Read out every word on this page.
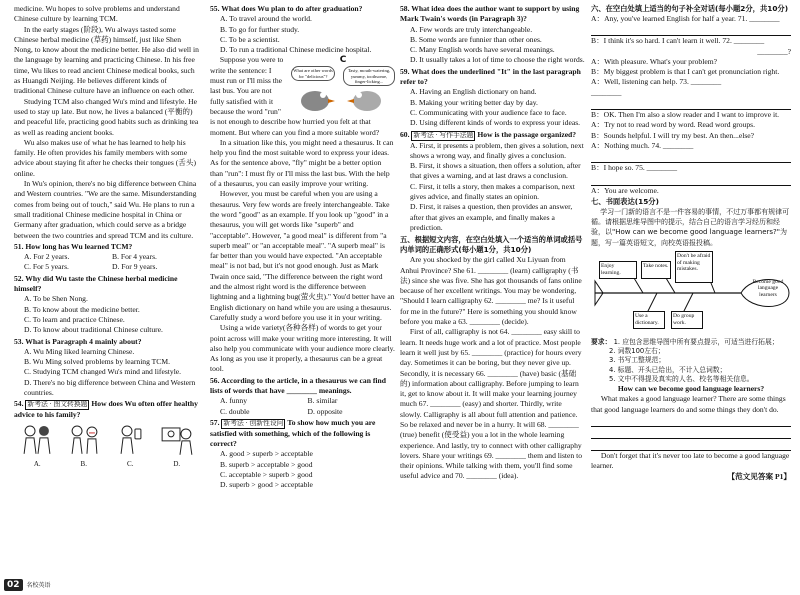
medicine. Wu hopes to solve problems and understand Chinese culture by learning TCM.

In the early stages (阶段), Wu always tasted some Chinese herbal medicine (草药) himself, just like Shen Nong, to know about the medicine better. He also did well in the language by learning and practicing Chinese. In his free time, Wu likes to read ancient Chinese medical books, such as Huangdi Neijing. He believes different kinds of traditional Chinese culture have an influence on each other.

Studying TCM also changed Wu's mind and lifestyle. He used to stay up late. But now, he lives a balanced (平衡的) and peaceful life, practicing good habits such as drinking tea as well as reading ancient books.

Wu also makes use of what he has learned to help his family. He often provides his family members with some advice about staying fit after he checks their tongues (舌头) online.

In Wu's opinion, there's no big difference between China and Western countries. "We are the same. Misunderstanding comes from being out of touch," said Wu. He plans to run a small traditional Chinese medicine hospital in China or Germany after graduation, which could serve as a bridge between the two countries and spread TCM and its culture.

51. How long has Wu learned TCM?

A. For 2 years.	B. For 4 years.
C. For 5 years.	D. For 9 years.

52. Why did Wu taste the Chinese herbal medicine himself?

A. To be Shen Nong.

B. To know about the medicine better.

C. To learn and practice Chinese.

D. To know about traditional Chinese culture.

53. What is Paragraph 4 mainly about?

A. Wu Ming liked learning Chinese.

B. Wu Ming solved problems by learning TCM.

C. Studying TCM changed Wu's mind and lifestyle.

D. There's no big difference between China and Western countries.

54. 新考法 · 图文转换题 How does Wu often offer healthy advice to his family?

A.	B.	C.	D.
02 名校英语

55. What does Wu plan to do after graduation?

A. To travel around the world.

B. To go for further study.

C. To be a scientist.

D. To run a traditional Chinese medicine hospital.

C
What are other words for "delicious"?
Tasty, mouth-watering, yummy, toothsome, finger-licking...

Suppose you were to write the sentence: I must run or I'll miss the last bus. You are not fully satisfied with it because the word "run" is not enough to describe how hurried you felt at that moment. But where can you find a more suitable word?

In a situation like this, you might need a thesaurus. It can help you find the most suitable word to express your ideas. As for the sentence above, "fly" might be a better option than "run": I must fly or I'll miss the last bus. With the help of a thesaurus, you can easily improve your writing.

However, you must be careful when you are using a thesaurus. Very few words are freely interchangeable. Take the word "good" as an example. If you look up "good" in a thesaurus, you will get words like "superb" and "acceptable". However, "a good meal" is different from "a superb meal" or "an acceptable meal". "A superb meal" is far better than you would have expected. "An acceptable meal" is not bad, but it's not good enough. Just as Mark Twain once said, "The difference between the right word and the almost right word is the difference between lightning and a lightning bug(萤火虫)." You'd better have an English dictionary on hand while you are using a thesaurus. Carefully study a word before you use it in your writing.

Using a wide variety(各种各样) of words to get your point across will make your writing more interesting. It will also help you communicate with your audience more clearly. As long as you use it properly, a thesaurus can be a great tool.

56. According to the article, in a thesaurus we can find lists of words that have ________ meanings.

A. funny	B. similar
C. double	D. opposite

57. 新考法 · 创新性设问 To show how much you are satisfied with something, which of the following is correct?

A. good > superb > acceptable

B. superb > acceptable > good

C. acceptable > superb > good

D. superb > good > acceptable

58. What idea does the author want to support by using Mark Twain's words (in Paragraph 3)?

A. Few words are truly interchangeable.

B. Some words are funnier than other ones.

C. Many English words have several meanings.

D. It usually takes a lot of time to choose the right words.

59. What does the underlined "It" in the last paragraph refer to?

A. Having an English dictionary on hand.

B. Making your writing better day by day.

C. Communicating with your audience face to face.

D. Using different kinds of words to express your ideas.

60. 新考法 · 写作手法题 How is the passage organized?

A. First, it presents a problem, then gives a solution, next shows a wrong way, and finally gives a conclusion.

B. First, it shows a situation, then offers a solution, after that gives a warning, and at last draws a conclusion.

C. First, it tells a story, then makes a comparison, next gives advice, and finally states an opinion.

D. First, it raises a question, then provides an answer, after that gives an example, and finally makes a prediction.

五、根据短文内容，在空白处填入一个适当的单词或括号内单词的正确形式(每小题1分，共10分)

Are you shocked by the girl called Xu Liyuan from Anhui Province? She 61. ________ (learn) calligraphy (书法) since she was five. She has got thousands of fans online because of her excellent writings. You may be wondering, "Should I learn calligraphy 62. ________ me? Is it useful for me in the future?" Here is something you should know before you make a 63. ________ (decide).

First of all, calligraphy is not 64. ________ easy skill to learn. It needs huge work and a lot of practice. Most people learn it well just by 65. ________ (practice) for hours every day. Sometimes it can be boring, but they never give up. Secondly, it is necessary 66. ________ (have) basic (基础的) information about calligraphy. Before jumping to learn it, get to know about it. It will make your learning journey much 67. ________ (easy) and shorter. Thirdly, write slowly. Calligraphy is all about full attention and patience. So be relaxed and never be in a hurry. It will 68. ________ (true) benefit (使受益) you a lot in the whole learning experience. And lastly, try to connect with other calligraphy lovers. Share your writings 69. ________ them and listen to their opinions. While talking with them, you'll find some useful advice and 70. ________ (idea).

六、在空白处填上适当的句子补全对话(每小题2分，共10分)

A：Any, you've learned English for half a year. 71. ________

B：I think it's so hard. I can't learn it well. 72. ________

________?

A：With pleasure. What's your problem?

B：My biggest problem is that I can't get pronunciation right.

A：Well, listening can help. 73. ________

________

B：OK. Then I'm also a slow reader and I want to improve it.

A：Try not to read word by word. Read word groups.

B：Sounds helpful. I will try my best. An then...else?

A：Nothing much. 74. ________

B：I hope so. 75. ________

A：You are welcome.

七、书面表达(15分)

学习一门新的语言不是一件容易的事情，不过万事都有规律可循。请根据思维导图中的提示，结合自己的语言学习经历和经验，以"How can we become good language learners?"为题，写一篇英语短文，向校英语报投稿。

Enjoy learning.
Take notes.
Don't be afraid of making mistakes.
Use a dictionary.
Do group work.
Become good language learners
要求： 1. 应包含思维导图中所有要点提示，可适当进行拓展；

2. 词数100左右；

3. 书写工整规范；

4. 标题、开头已给出，不计入总词数；

5. 文中不得提及真实的人名、校名等相关信息。

How can we become good language learners?

What makes a good language learner? There are some things that good language learners do and some things they don't do.

Don't forget that it's never too late to become a good language learner.

【范文见答案 P1】
